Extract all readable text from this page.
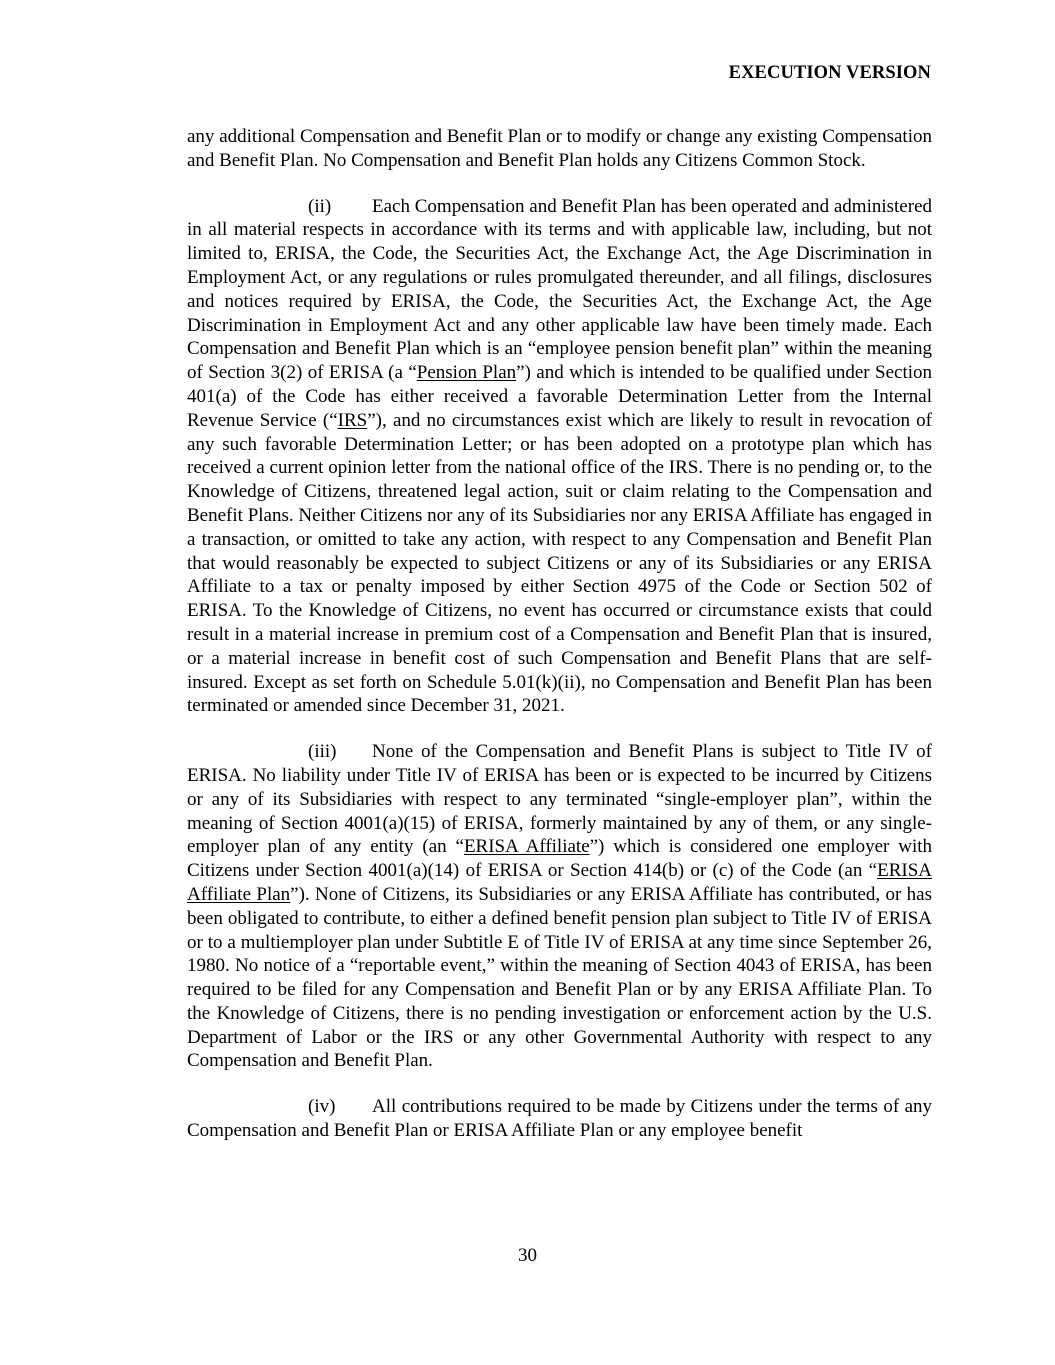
EXECUTION VERSION

any additional Compensation and Benefit Plan or to modify or change any existing Compensation and Benefit Plan. No Compensation and Benefit Plan holds any Citizens Common Stock.

(ii) Each Compensation and Benefit Plan has been operated and administered in all material respects in accordance with its terms and with applicable law, including, but not limited to, ERISA, the Code, the Securities Act, the Exchange Act, the Age Discrimination in Employment Act, or any regulations or rules promulgated thereunder, and all filings, disclosures and notices required by ERISA, the Code, the Securities Act, the Exchange Act, the Age Discrimination in Employment Act and any other applicable law have been timely made. Each Compensation and Benefit Plan which is an “employee pension benefit plan” within the meaning of Section 3(2) of ERISA (a “Pension Plan”) and which is intended to be qualified under Section 401(a) of the Code has either received a favorable Determination Letter from the Internal Revenue Service (“IRS”), and no circumstances exist which are likely to result in revocation of any such favorable Determination Letter; or has been adopted on a prototype plan which has received a current opinion letter from the national office of the IRS. There is no pending or, to the Knowledge of Citizens, threatened legal action, suit or claim relating to the Compensation and Benefit Plans. Neither Citizens nor any of its Subsidiaries nor any ERISA Affiliate has engaged in a transaction, or omitted to take any action, with respect to any Compensation and Benefit Plan that would reasonably be expected to subject Citizens or any of its Subsidiaries or any ERISA Affiliate to a tax or penalty imposed by either Section 4975 of the Code or Section 502 of ERISA. To the Knowledge of Citizens, no event has occurred or circumstance exists that could result in a material increase in premium cost of a Compensation and Benefit Plan that is insured, or a material increase in benefit cost of such Compensation and Benefit Plans that are self-insured. Except as set forth on Schedule 5.01(k)(ii), no Compensation and Benefit Plan has been terminated or amended since December 31, 2021.

(iii) None of the Compensation and Benefit Plans is subject to Title IV of ERISA. No liability under Title IV of ERISA has been or is expected to be incurred by Citizens or any of its Subsidiaries with respect to any terminated “single-employer plan”, within the meaning of Section 4001(a)(15) of ERISA, formerly maintained by any of them, or any single-employer plan of any entity (an “ERISA Affiliate”) which is considered one employer with Citizens under Section 4001(a)(14) of ERISA or Section 414(b) or (c) of the Code (an “ERISA Affiliate Plan”). None of Citizens, its Subsidiaries or any ERISA Affiliate has contributed, or has been obligated to contribute, to either a defined benefit pension plan subject to Title IV of ERISA or to a multiemployer plan under Subtitle E of Title IV of ERISA at any time since September 26, 1980. No notice of a “reportable event,” within the meaning of Section 4043 of ERISA, has been required to be filed for any Compensation and Benefit Plan or by any ERISA Affiliate Plan. To the Knowledge of Citizens, there is no pending investigation or enforcement action by the U.S. Department of Labor or the IRS or any other Governmental Authority with respect to any Compensation and Benefit Plan.

(iv) All contributions required to be made by Citizens under the terms of any Compensation and Benefit Plan or ERISA Affiliate Plan or any employee benefit

30
